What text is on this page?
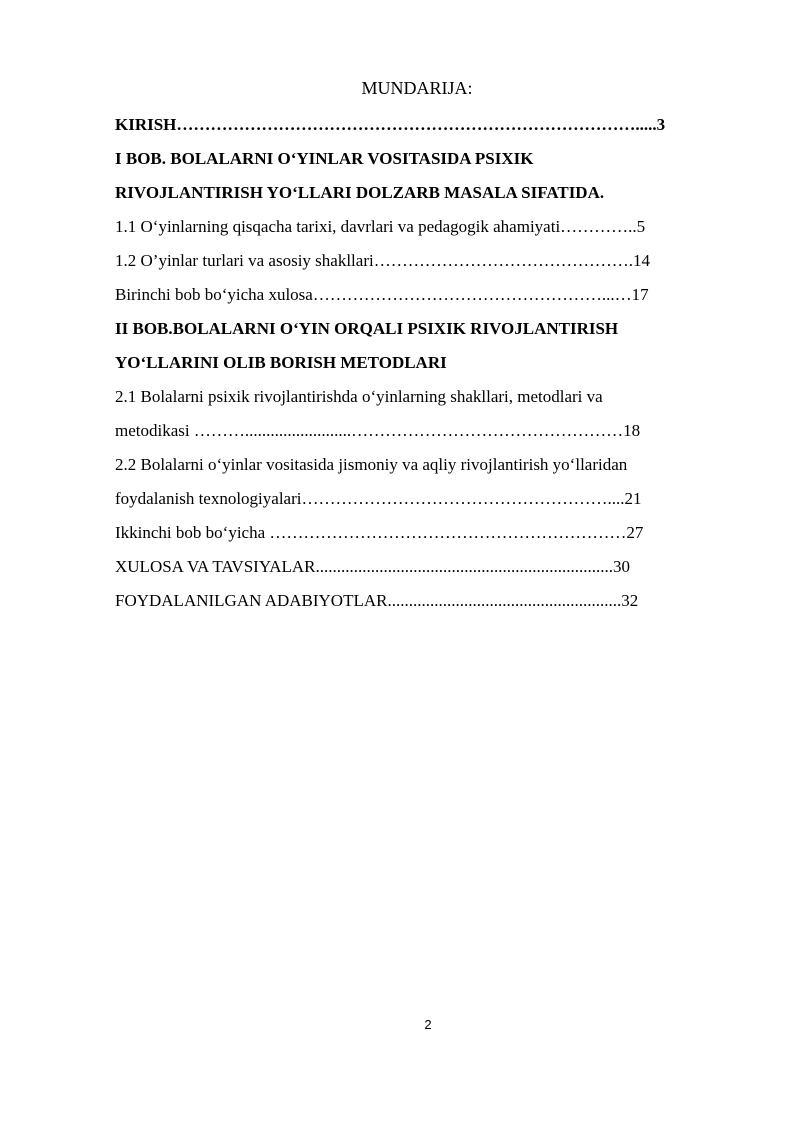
MUNDARIJA:
KIRISH……………………………………………………………………….....3
I BOB. BOLALARNI O‘YINLAR VOSITASIDA PSIXIK
RIVOJLANTIRISH YO‘LLARI DOLZARB MASALA SIFATIDA.
1.1 O‘yinlarning qisqacha tarixi, davrlari va pedagogik ahamiyati…………..5
1.2 O’yinlar turlari va asosiy shakllari……………………………………….14
Birinchi bob bo‘yicha xulosa……………………………………………...…17
II BOB.BOLALARNI O‘YIN ORQALI PSIXIK RIVOJLANTIRISH
YO‘LLARINI OLIB BORISH METODLARI
2.1 Bolalarni psixik rivojlantirishda o‘yinlarning shakllari, metodlari va
metodikasi ……….........................…………………………………………18
2.2 Bolalarni o‘yinlar vositasida jismoniy va aqliy rivojlantirish yo‘llaridan
foydalanish texnologiyalari………………………………………………....21
Ikkinchi bob bo‘yicha ………………………………………………………27
XULOSA VA TAVSIYALAR......................................................................30
FOYDALANILGAN ADABIYOTLAR.......................................................32
2
